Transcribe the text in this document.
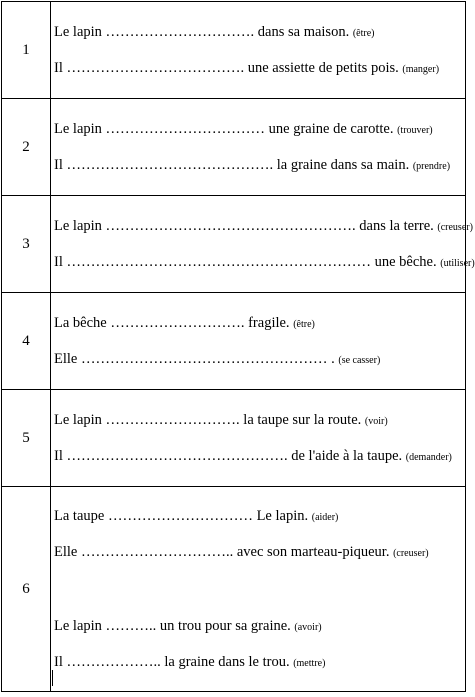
1	Le lapin …………………………. dans sa maison. (être)
Il ………………………………. une assiette de petits pois. (manger)

2	Le lapin …………………………… une graine de carotte. (trouver)
Il ……………………………………. la graine dans sa main. (prendre)

3	Le lapin ……………………………………………. dans la terre. (creuser)
Il ……………………………………………………… une bêche. (utiliser)

4	La bêche ………………………. fragile. (être)
Elle …………………………………………… . (se casser)

5	Le lapin ………………………. la taupe sur la route. (voir)
Il ………………………………………. de l'aide à la taupe. (demander)

6	La taupe ………………………… Le lapin. (aider)
Elle ………………………….. avec son marteau-piqueur. (creuser)
Le lapin ……….. un trou pour sa graine. (avoir)
Il ……………….. la graine dans le trou. (mettre)
